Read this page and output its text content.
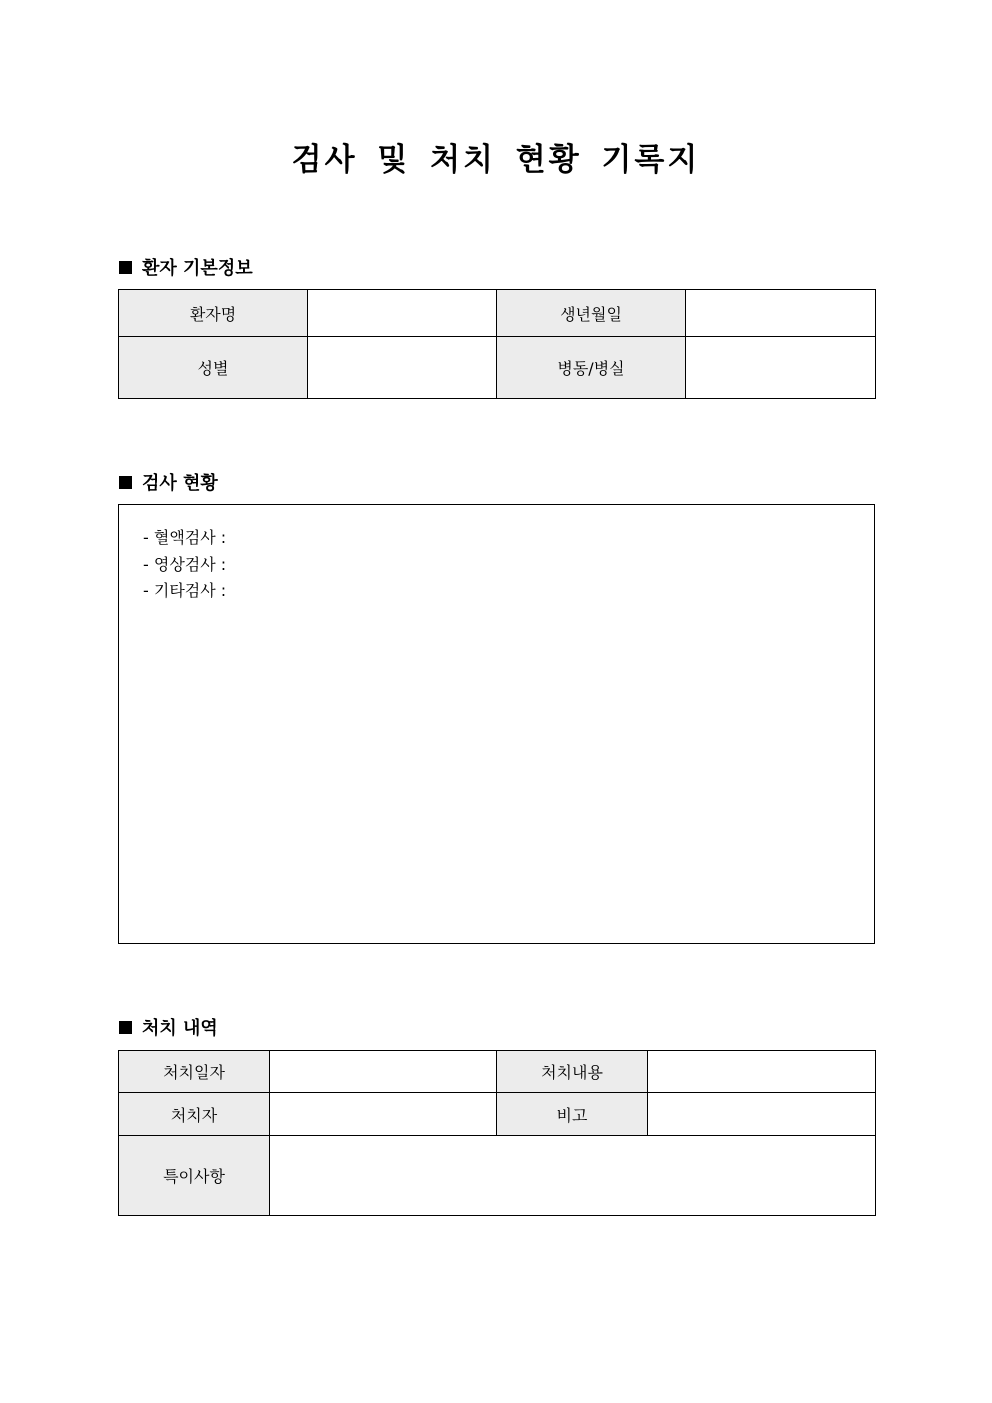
검사 및 처치 현황 기록지
환자 기본정보
환자명		생년월일	
성별		병동/병실	
검사 현황
- 혈액검사 :
- 영상검사 :
- 기타검사 :
처치 내역
처치일자		처치내용	
처치자		비고	
특이사항			
